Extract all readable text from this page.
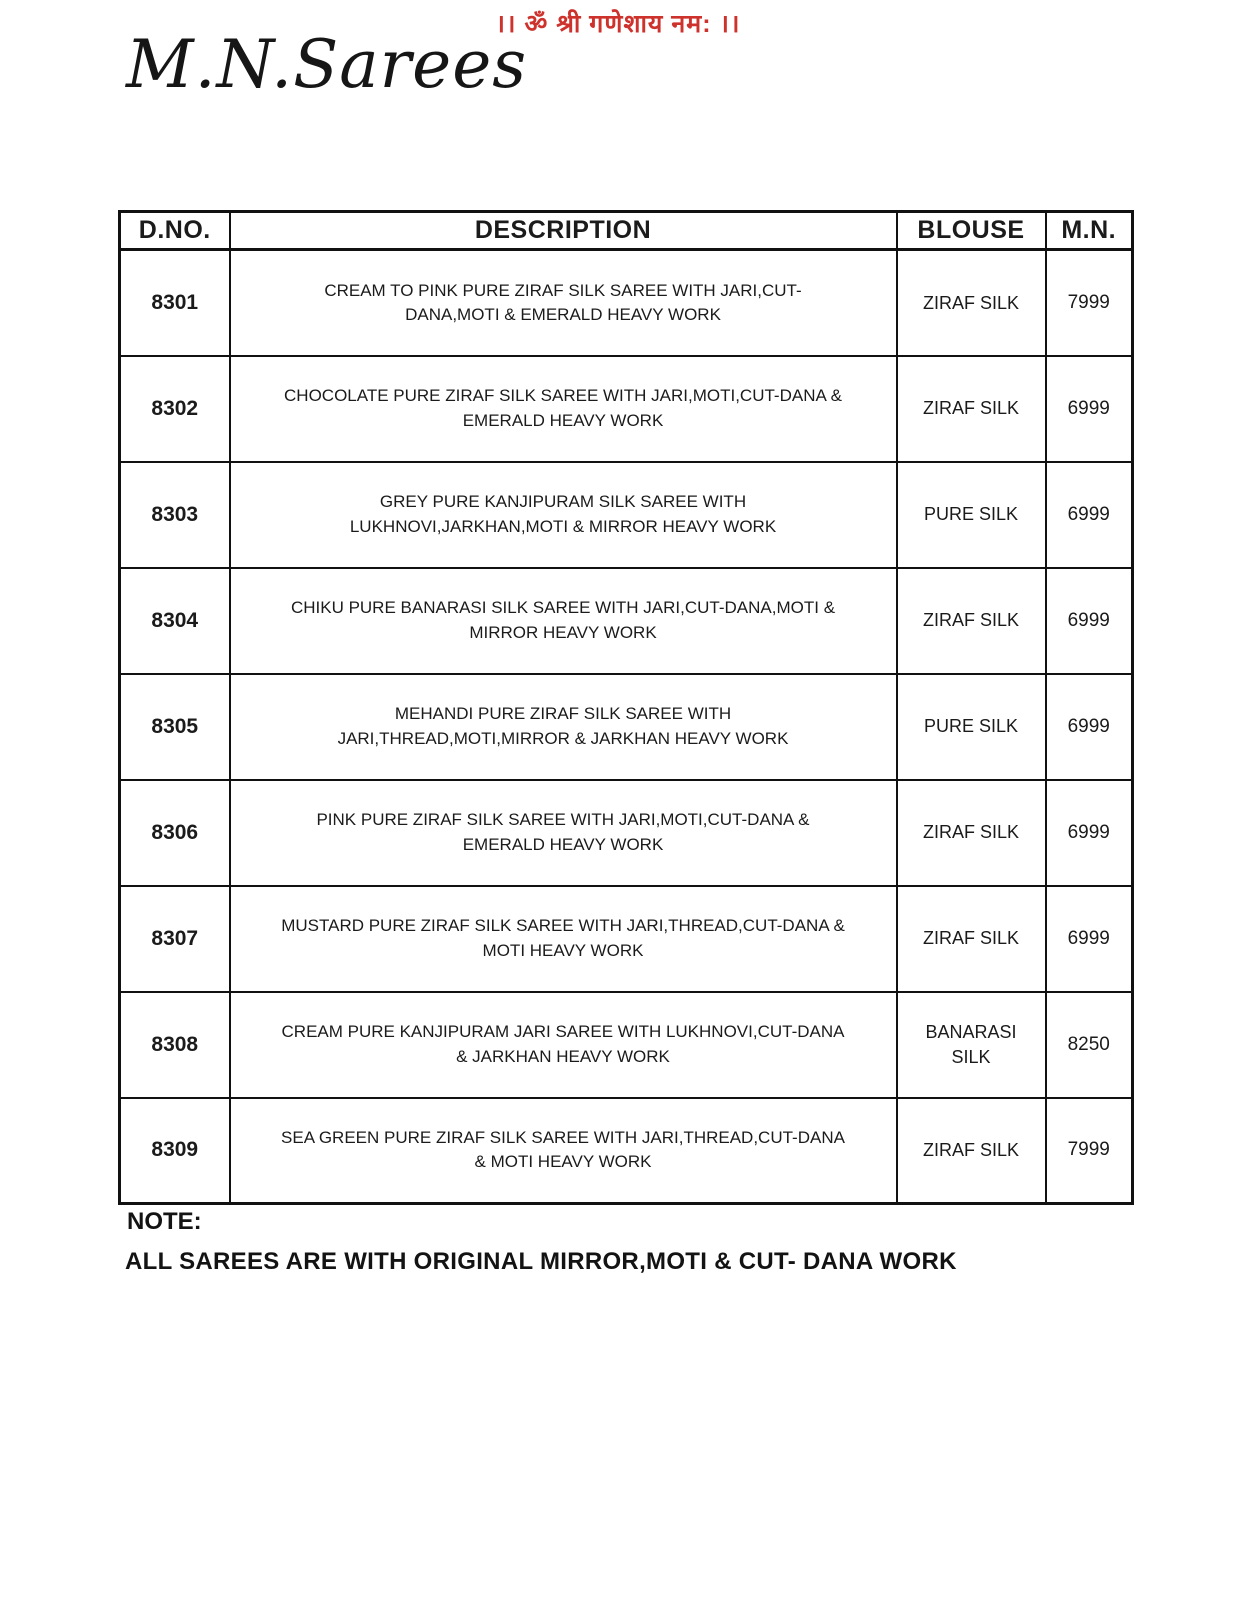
।। ॐ श्री गणेशाय नम: ।।
M.N.Sarees
D.NO.	DESCRIPTION	BLOUSE	M.N.
8301	CREAM TO PINK PURE ZIRAF SILK SAREE WITH JARI,CUT-DANA,MOTI & EMERALD HEAVY WORK	ZIRAF SILK	7999
8302	CHOCOLATE PURE ZIRAF SILK SAREE WITH JARI,MOTI,CUT-DANA & EMERALD HEAVY WORK	ZIRAF SILK	6999
8303	GREY PURE KANJIPURAM SILK SAREE WITH LUKHNOVI,JARKHAN,MOTI & MIRROR HEAVY WORK	PURE SILK	6999
8304	CHIKU PURE BANARASI SILK SAREE WITH JARI,CUT-DANA,MOTI & MIRROR HEAVY WORK	ZIRAF SILK	6999
8305	MEHANDI PURE ZIRAF SILK SAREE WITH JARI,THREAD,MOTI,MIRROR & JARKHAN HEAVY WORK	PURE SILK	6999
8306	PINK PURE ZIRAF SILK SAREE WITH JARI,MOTI,CUT-DANA & EMERALD HEAVY WORK	ZIRAF SILK	6999
8307	MUSTARD PURE ZIRAF SILK SAREE WITH JARI,THREAD,CUT-DANA & MOTI HEAVY WORK	ZIRAF SILK	6999
8308	CREAM PURE KANJIPURAM JARI SAREE WITH LUKHNOVI,CUT-DANA & JARKHAN HEAVY WORK	BANARASI SILK	8250
8309	SEA GREEN PURE ZIRAF SILK SAREE WITH JARI,THREAD,CUT-DANA & MOTI HEAVY WORK	ZIRAF SILK	7999
NOTE:
ALL SAREES ARE WITH ORIGINAL MIRROR,MOTI & CUT- DANA WORK
